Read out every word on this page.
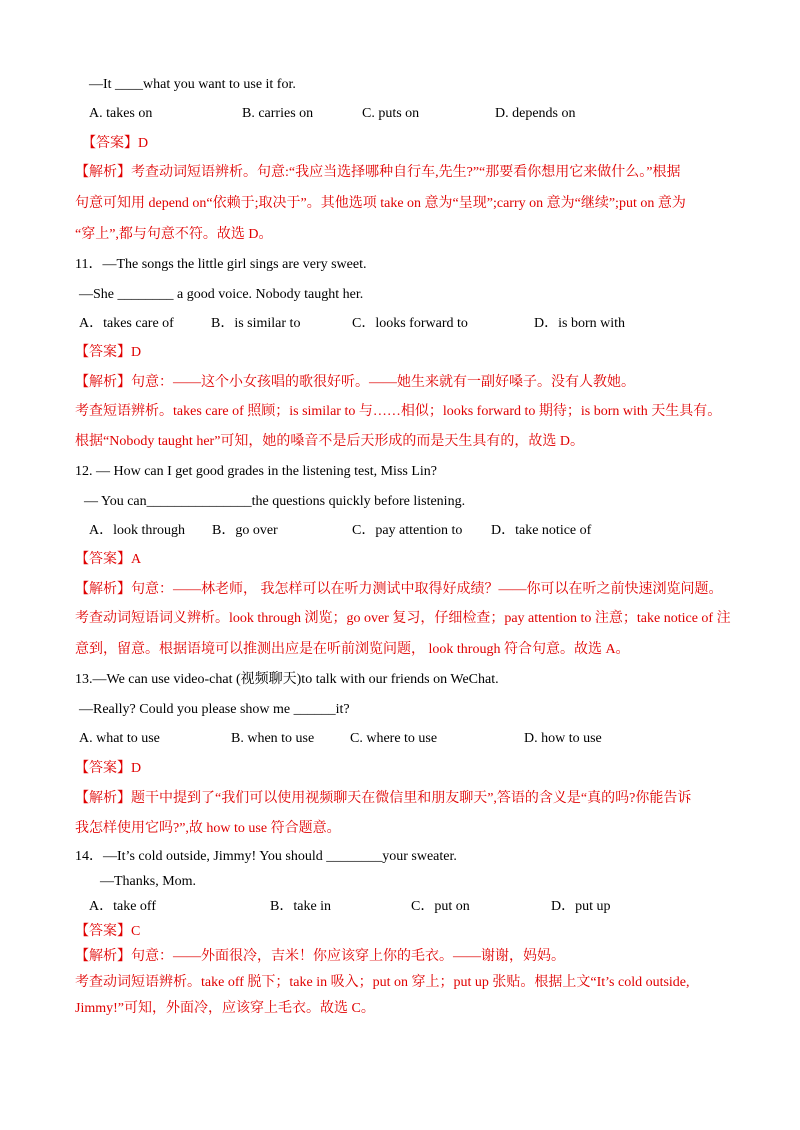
—It ____what you want to use it for.
A. takes on	B. carries on	C. puts on	D. depends on
【答案】D
【解析】考查动词短语辨析。句意:“我应当选择哪种自行车,先生?”“那要看你想用它来做什么。”根据
句意可知用 depend on“依赖于;取决于”。其他选项 take on 意为“呈现”;carry on 意为“继续”;put on 意为
“穿上”,都与句意不符。故选 D。
11．—The songs the little girl sings are very sweet.
—She ________ a good voice. Nobody taught her.
A．takes care of	B．is similar to	C．looks forward to	D．is born with
【答案】D
【解析】句意：——这个小女孩唱的歌很好听。——她生来就有一副好嗓子。没有人教她。
考查短语辨析。takes care of 照顾；is similar to 与……相似；looks forward to 期待；is born with 天生具有。
根据“Nobody taught her”可知，她的嗓音不是后天形成的而是天生具有的，故选 D。
12. — How can I get good grades in the listening test, Miss Lin?
— You can_______________the questions quickly before listening.
A．look through B．go over	C．pay attention to D．take notice of
【答案】A
【解析】句意：——林老师， 我怎样可以在听力测试中取得好成绩？——你可以在听之前快速浏览问题。
考查动词短语词义辨析。look through 浏览；go over 复习，仔细检查；pay attention to 注意；take notice of 注
意到，留意。根据语境可以推测出应是在听前浏览问题， look through 符合句意。故选 A。
13.—We can use video-chat (视频聊天)to talk with our friends on WeChat.
—Really? Could you please show me ______it?
A. what to use	B. when to use	C. where to use	D. how to use
【答案】D
【解析】题干中提到了“我们可以使用视频聊天在微信里和朋友聊天”,答语的含义是“真的吗?你能告诉
我怎样使用它吗?”,故 how to use 符合题意。
14．—It’s cold outside, Jimmy! You should ________your sweater.
—Thanks, Mom.
A．take off	B．take in	C．put on	D．put up
【答案】C
【解析】句意：——外面很冷，吉米！你应该穿上你的毛衣。——谢谢，妈妈。
考查动词短语辨析。take off 脱下；take in 吸入；put on 穿上；put up 张贴。根据上文“It’s cold outside,
Jimmy!”可知，外面冷，应该穿上毛衣。故选 C。
